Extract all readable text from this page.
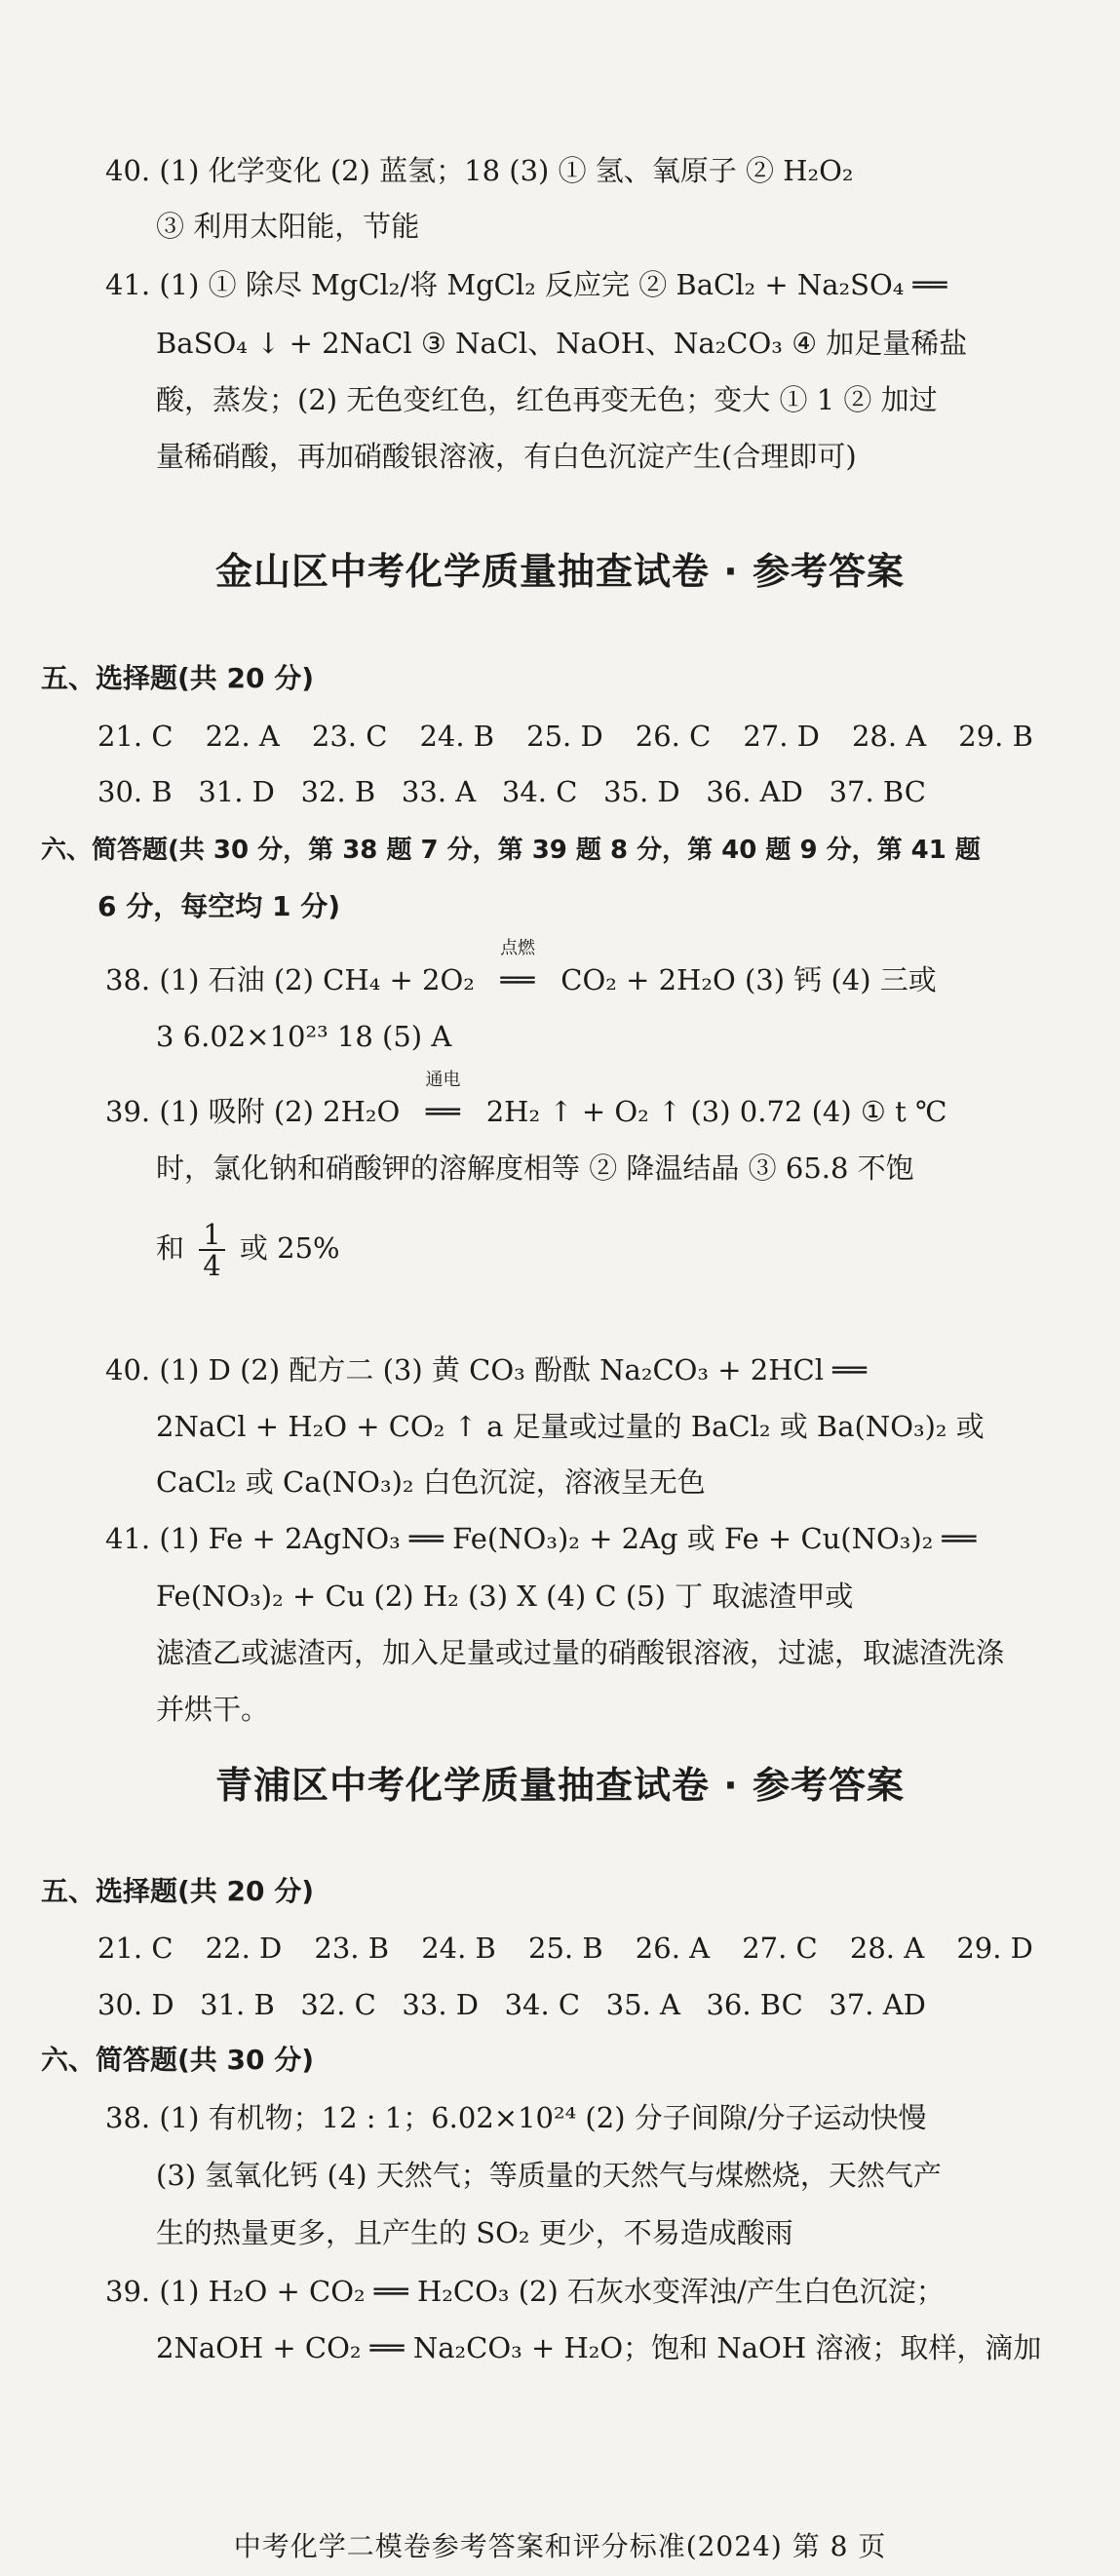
40. (1) 化学变化 (2) 蓝氢；18 (3) ① 氢、氧原子 ② H₂O₂
③ 利用太阳能，节能
41. (1) ① 除尽 MgCl₂/将 MgCl₂ 反应完 ② BaCl₂ + Na₂SO₄ ══
BaSO₄ ↓ + 2NaCl ③ NaCl、NaOH、Na₂CO₃ ④ 加足量稀盐
酸，蒸发；(2) 无色变红色，红色再变无色；变大 ① 1 ② 加过
量稀硝酸，再加硝酸银溶液，有白色沉淀产生(合理即可)
金山区中考化学质量抽查试卷 · 参考答案
五、选择题(共 20 分)
21. C 22. A 23. C 24. B 25. D 26. C 27. D 28. A 29. B
30. B 31. D 32. B 33. A 34. C 35. D 36. AD 37. BC
六、简答题(共 30 分，第 38 题 7 分，第 39 题 8 分，第 40 题 9 分，第 41 题
6 分，每空均 1 分)
38. (1) 石油 (2) CH₄ + 2O₂
点燃
══ CO₂ + 2H₂O (3) 钙 (4) 三或
3 6.02×10²³ 18 (5) A
39. (1) 吸附 (2) 2H₂O
通电
══ 2H₂ ↑ + O₂ ↑ (3) 0.72 (4) ① t ℃
时，氯化钠和硝酸钾的溶解度相等 ② 降温结晶 ③ 65.8 不饱
和 $\frac{1}{4}$ 或 25%
40. (1) D (2) 配方二 (3) 黄 CO₃ 酚酞 Na₂CO₃ + 2HCl ══
2NaCl + H₂O + CO₂ ↑ a 足量或过量的 BaCl₂ 或 Ba(NO₃)₂ 或
CaCl₂ 或 Ca(NO₃)₂ 白色沉淀，溶液呈无色
41. (1) Fe + 2AgNO₃ ══ Fe(NO₃)₂ + 2Ag 或 Fe + Cu(NO₃)₂ ══
Fe(NO₃)₂ + Cu (2) H₂ (3) X (4) C (5) 丁 取滤渣甲或
滤渣乙或滤渣丙，加入足量或过量的硝酸银溶液，过滤，取滤渣洗涤
并烘干。
青浦区中考化学质量抽查试卷 · 参考答案
五、选择题(共 20 分)
21. C 22. D 23. B 24. B 25. B 26. A 27. C 28. A 29. D
30. D 31. B 32. C 33. D 34. C 35. A 36. BC 37. AD
六、简答题(共 30 分)
38. (1) 有机物；12 : 1；6.02×10²⁴ (2) 分子间隙/分子运动快慢
(3) 氢氧化钙 (4) 天然气；等质量的天然气与煤燃烧，天然气产
生的热量更多，且产生的 SO₂ 更少，不易造成酸雨
39. (1) H₂O + CO₂ ══ H₂CO₃ (2) 石灰水变浑浊/产生白色沉淀；
2NaOH + CO₂ ══ Na₂CO₃ + H₂O；饱和 NaOH 溶液；取样，滴加
中考化学二模卷参考答案和评分标准(2024) 第 8 页
